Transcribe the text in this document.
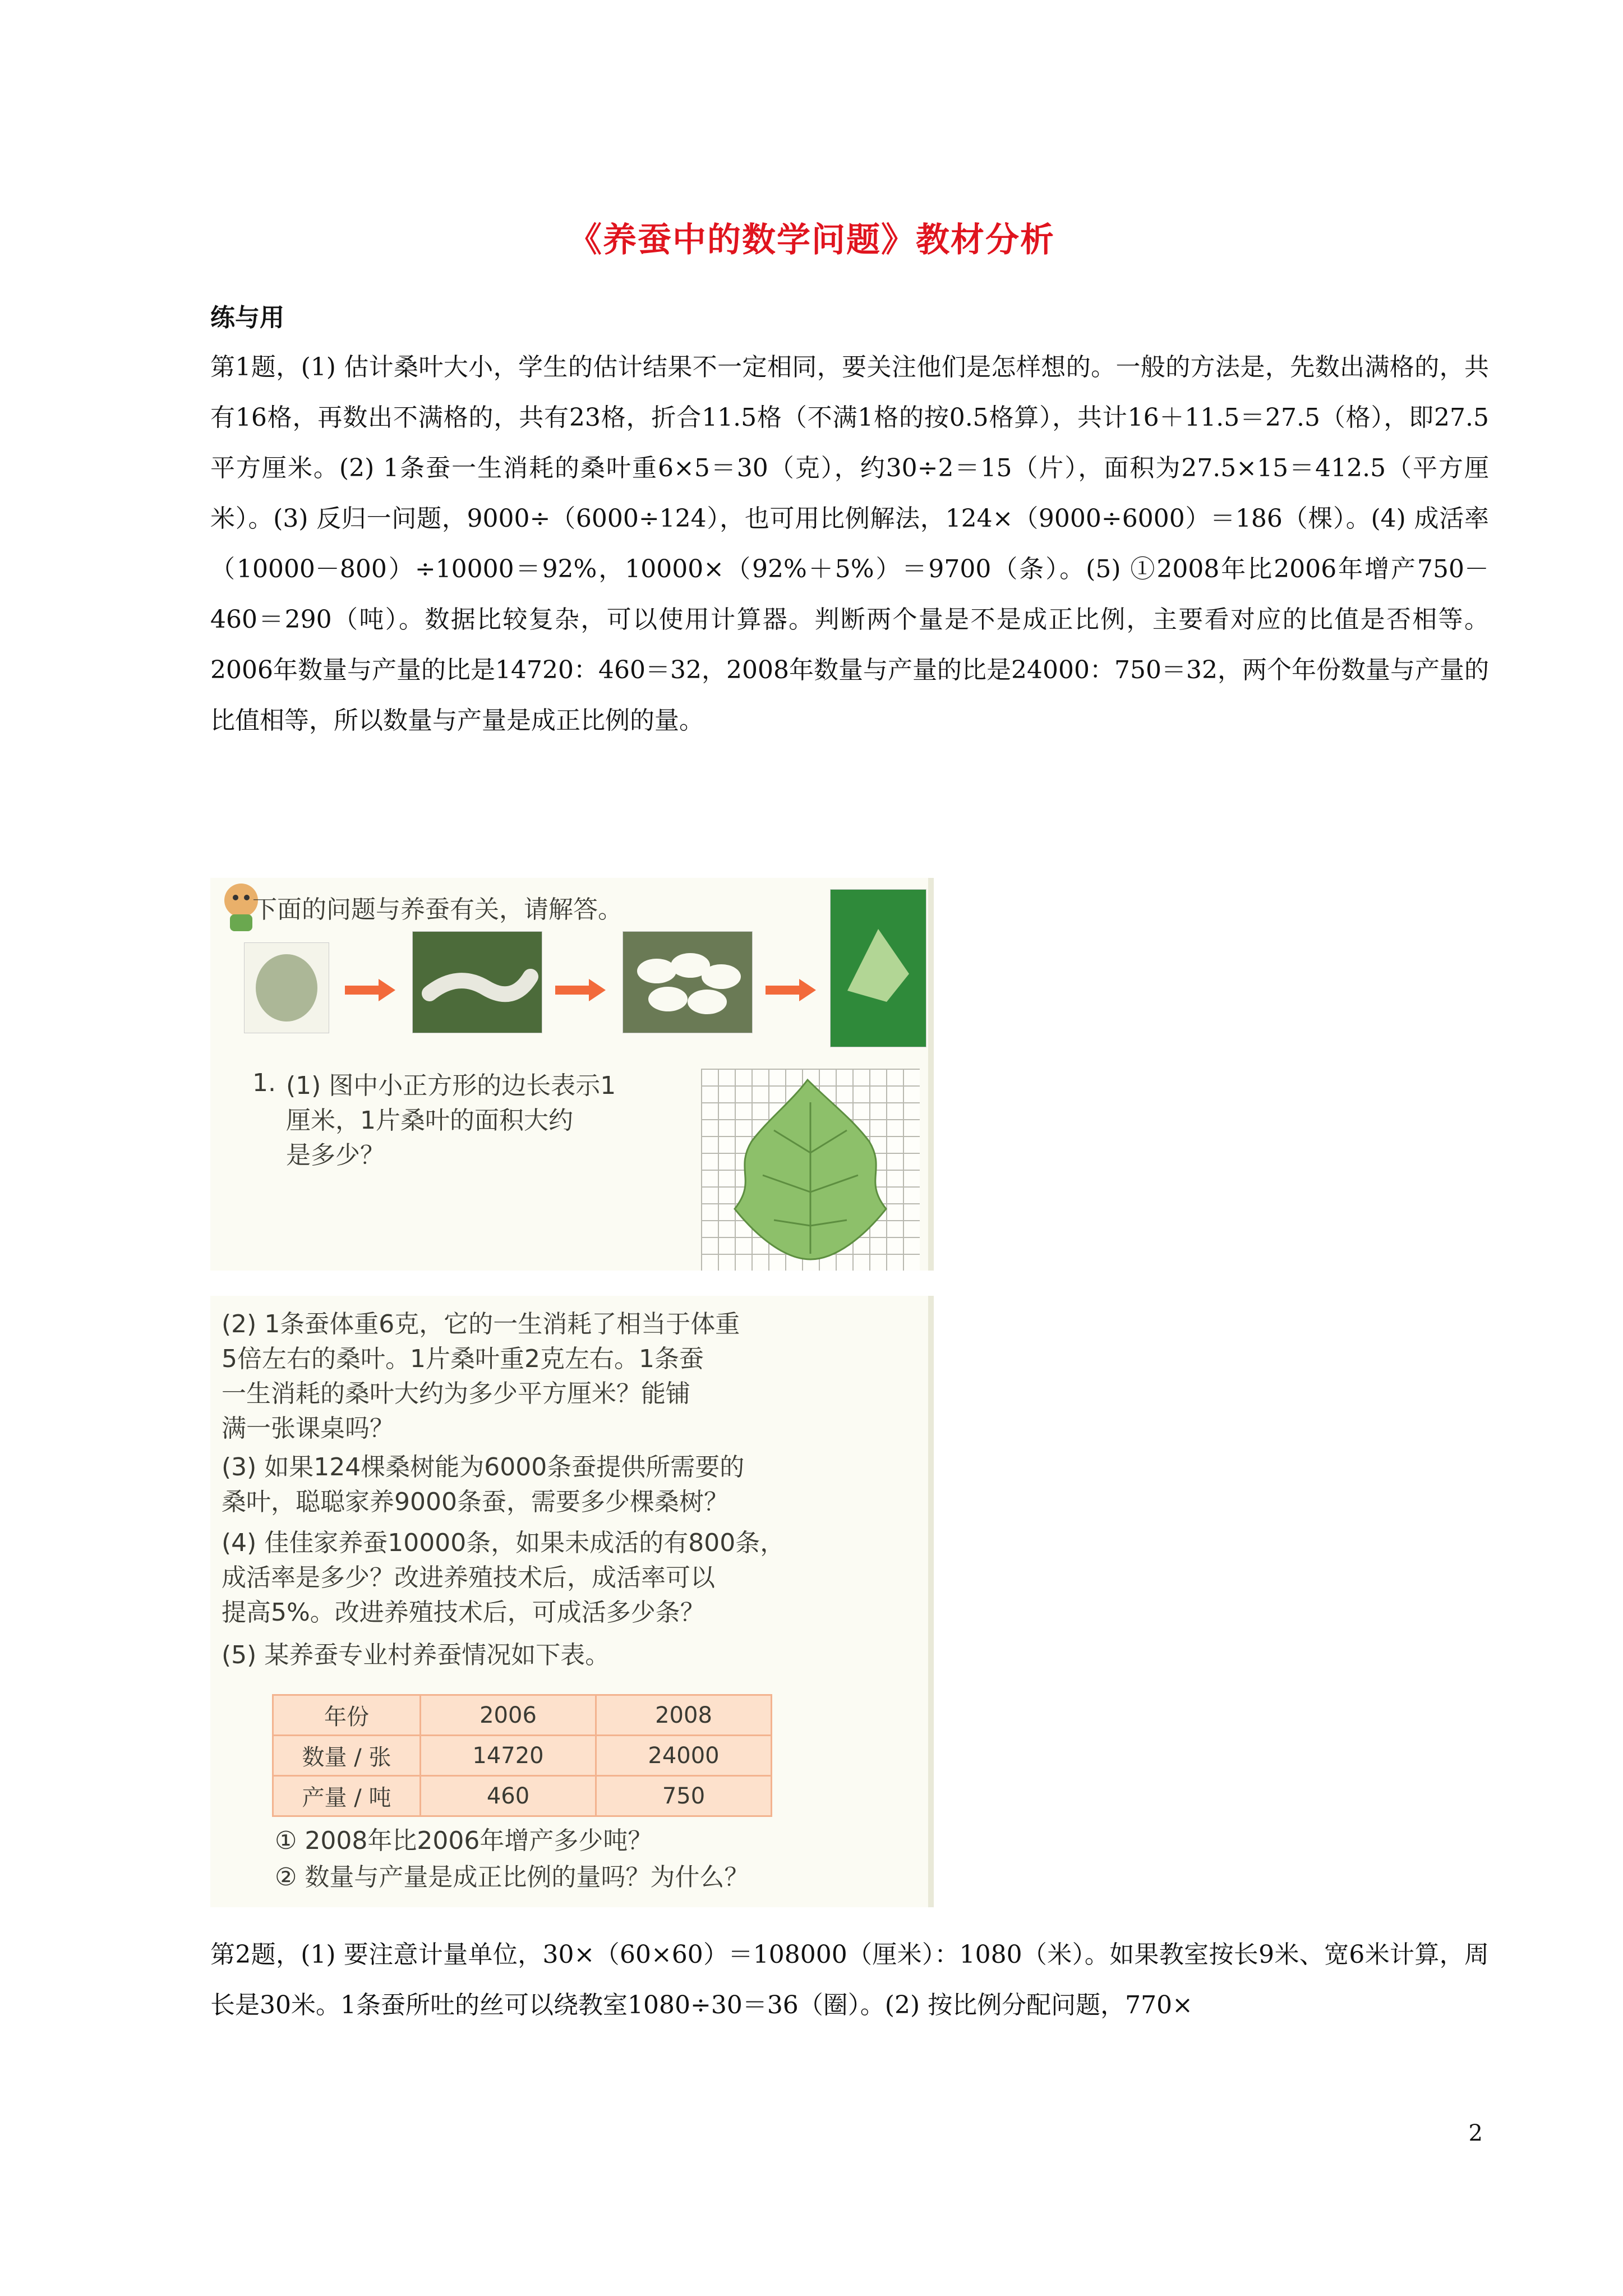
《养蚕中的数学问题》教材分析
练与用

第1题，(1) 估计桑叶大小，学生的估计结果不一定相同，要关注他们是怎样想的。一般的方法是，先数出满格的，共有16格，再数出不满格的，共有23格，折合11.5格（不满1格的按0.5格算），共计16＋11.5＝27.5（格），即27.5平方厘米。(2) 1条蚕一生消耗的桑叶重6×5＝30（克），约30÷2＝15（片），面积为27.5×15＝412.5（平方厘米）。(3) 反归一问题，9000÷（6000÷124），也可用比例解法，124×（9000÷6000）＝186（棵）。(4) 成活率（10000－800）÷10000＝92%，10000×（92%＋5%）＝9700（条）。(5) ①2008年比2006年增产750－460＝290（吨）。数据比较复杂，可以使用计算器。判断两个量是不是成正比例，主要看对应的比值是否相等。2006年数量与产量的比是14720：460＝32，2008年数量与产量的比是24000：750＝32，两个年份数量与产量的比值相等，所以数量与产量是成正比例的量。

下面的问题与养蚕有关，请解答。
1. (1) 图中小正方形的边长表示1
厘米，1片桑叶的面积大约
是多少？
(2) 1条蚕体重6克，它的一生消耗了相当于体重
5倍左右的桑叶。1片桑叶重2克左右。1条蚕
一生消耗的桑叶大约为多少平方厘米？能铺
满一张课桌吗？
(3) 如果124棵桑树能为6000条蚕提供所需要的
桑叶，聪聪家养9000条蚕，需要多少棵桑树？
(4) 佳佳家养蚕10000条，如果未成活的有800条，
成活率是多少？改进养殖技术后，成活率可以
提高5%。改进养殖技术后，可成活多少条？
(5) 某养蚕专业村养蚕情况如下表。
年份	2006	2008
数量 / 张	14720	24000
产量 / 吨	460	750
① 2008年比2006年增产多少吨？
② 数量与产量是成正比例的量吗？为什么？

第2题，(1) 要注意计量单位，30×（60×60）＝108000（厘米）：1080（米）。如果教室按长9米、宽6米计算，周长是30米。1条蚕所吐的丝可以绕教室1080÷30＝36（圈）。(2) 按比例分配问题，770×

2
